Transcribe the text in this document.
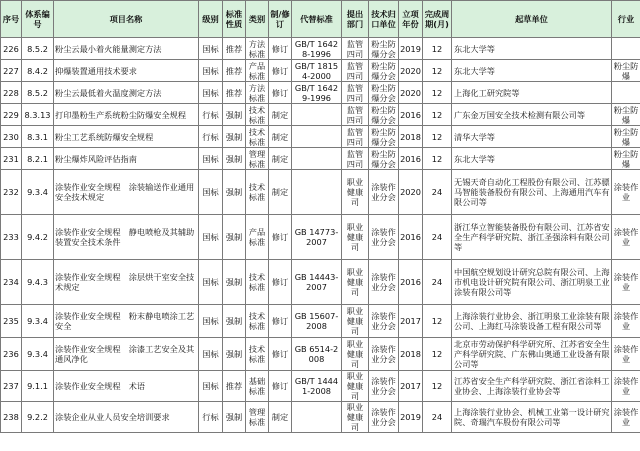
序号	体系编号	项目名称	级别	标准性质	类别	制/修订	代替标准	提出部门	技术归口单位	立项年份	完成周期(月)	起草单位	行业
226	8.5.2	粉尘云最小着火能量测定方法	国标	推荐	方法标准	修订	GB/T 16428-1996	监管四司	粉尘防爆分会	2019	12	东北大学等	
227	8.4.2	抑爆装置通用技术要求	国标	推荐	产品标准	修订	GB/T 18154-2000	监管四司	粉尘防爆分会	2020	12	东北大学等	粉尘防爆
228	8.5.2	粉尘云最低着火温度测定方法	国标	推荐	方法标准	修订	GB/T 16429-1996	监管四司	粉尘防爆分会	2020	12	上海化工研究院等	
229	8.3.13	打印墨粉生产系统粉尘防爆安全规程	行标	强制	技术标准	制定		监管四司	粉尘防爆分会	2016	12	广东金万国安全技术检测有限公司等	粉尘防爆
230	8.3.1	粉尘工艺系统防爆安全规程	行标	强制	技术标准	制定		监管四司	粉尘防爆分会	2018	12	清华大学等	粉尘防爆
231	8.2.1	粉尘爆炸风险评估指南	国标	强制	管理标准	制定		监管四司	粉尘防爆分会	2016	12	东北大学等	粉尘防爆
232	9.3.4	涂装作业安全规程　涂装输送作业通用安全技术规定	国标	强制	技术标准	制定		职业健康司	涂装作业分会	2020	24	无锡天奇自动化工程股份有限公司、江苏骠马智能装备股份有限公司、上海通用汽车有限公司等	涂装作业
233	9.4.2	涂装作业安全规程　静电喷枪及其辅助装置安全技术条件	国标	强制	产品标准	修订	GB 14773-2007	职业健康司	涂装作业分会	2016	24	浙江华立智能装备股份有限公司、江苏省安全生产科学研究院、浙江圣强涂料有限公司等	涂装作业
234	9.4.3	涂装作业安全规程　涂层烘干室安全技术规定	国标	强制	技术标准	修订	GB 14443-2007	职业健康司	涂装作业分会	2016	24	中国航空规划设计研究总院有限公司、上海市机电设计研究院有限公司、浙江明泉工业涂装有限公司等	涂装作业
235	9.3.4	涂装作业安全规程　粉末静电喷涂工艺安全	国标	强制	技术标准	修订	GB 15607-2008	职业健康司	涂装作业分会	2017	12	上海涂装行业协会、浙江明泉工业涂装有限公司、上海红马涂装设备工程有限公司等	涂装作业
236	9.3.4	涂装作业安全规程　涂漆工艺安全及其通风净化	国标	强制	技术标准	修订	GB 6514-2008	职业健康司	涂装作业分会	2018	12	北京市劳动保护科学研究所、江苏省安全生产科学研究院、广东佛山奥通工业设备有限公司等	涂装作业
237	9.1.1	涂装作业安全规程　术语	国标	推荐	基础标准	修订	GB/T 14441-2008	职业健康司	涂装作业分会	2017	12	江苏省安全生产科学研究院、浙江省涂料工业协会、上海涂装行业协会等	涂装作业
238	9.2.2	涂装企业从业人员安全培训要求	行标	强制	管理标准	制定		职业健康司	涂装作业分会	2019	24	上海涂装行业协会、机械工业第一设计研究院、奇瑞汽车股份有限公司等	涂装作业
